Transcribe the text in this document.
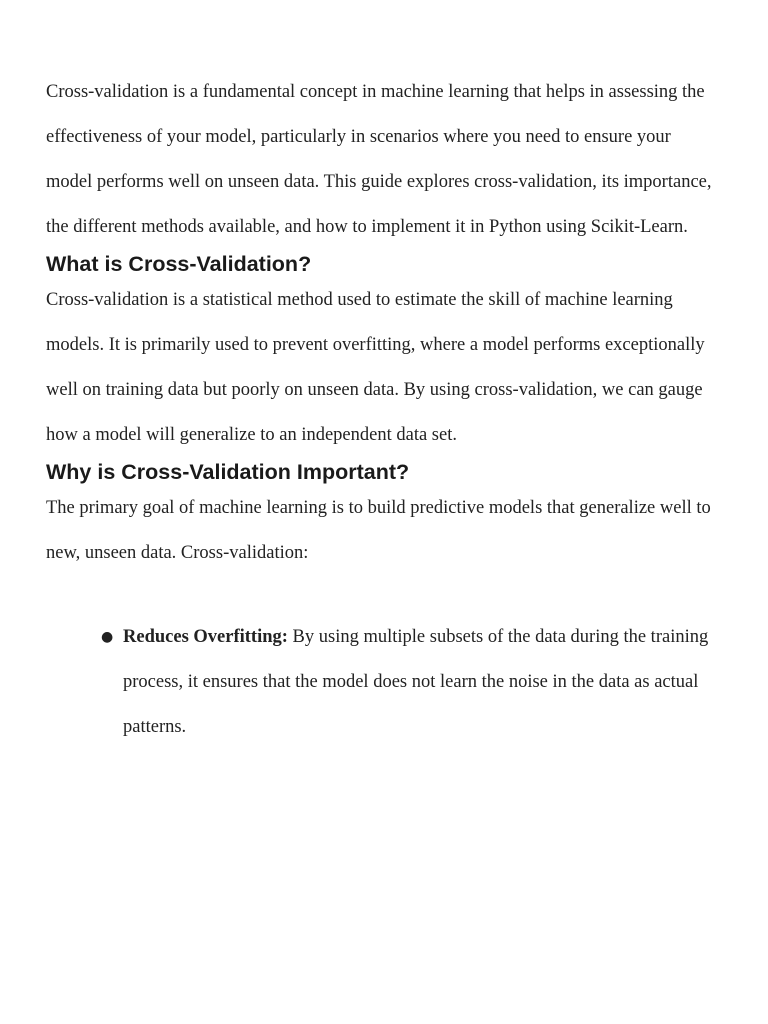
Cross-validation is a fundamental concept in machine learning that helps in assessing the effectiveness of your model, particularly in scenarios where you need to ensure your model performs well on unseen data. This guide explores cross-validation, its importance, the different methods available, and how to implement it in Python using Scikit-Learn.

What is Cross-Validation?

Cross-validation is a statistical method used to estimate the skill of machine learning models. It is primarily used to prevent overfitting, where a model performs exceptionally well on training data but poorly on unseen data. By using cross-validation, we can gauge how a model will generalize to an independent data set.

Why is Cross-Validation Important?

The primary goal of machine learning is to build predictive models that generalize well to new, unseen data. Cross-validation:

● Reduces Overfitting: By using multiple subsets of the data during the training process, it ensures that the model does not learn the noise in the data as actual patterns.
